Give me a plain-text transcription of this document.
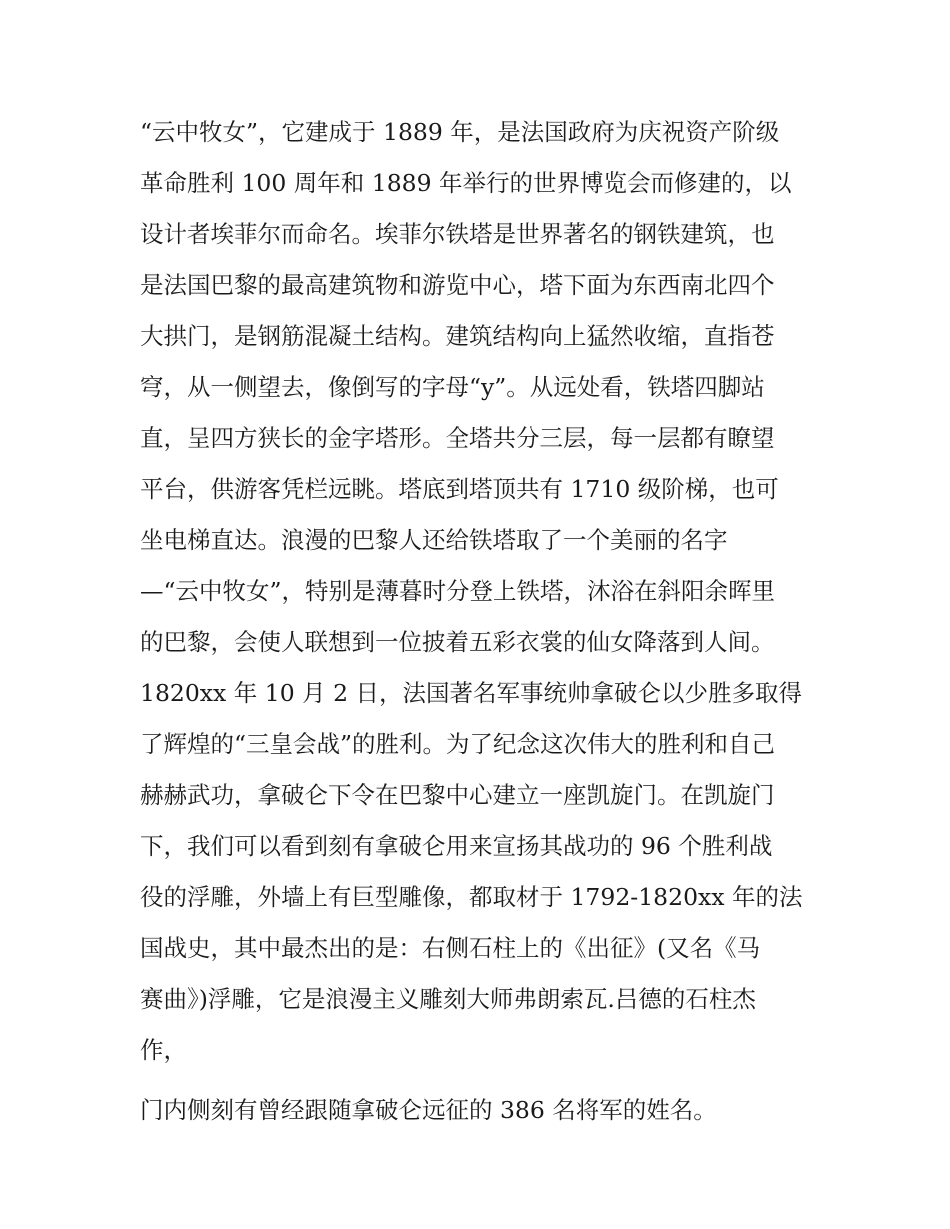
“云中牧女”，它建成于 1889 年，是法国政府为庆祝资产阶级
革命胜利 100 周年和 1889 年举行的世界博览会而修建的，以
设计者埃菲尔而命名。埃菲尔铁塔是世界著名的钢铁建筑，也
是法国巴黎的最高建筑物和游览中心，塔下面为东西南北四个
大拱门，是钢筋混凝土结构。建筑结构向上猛然收缩，直指苍
穹，从一侧望去，像倒写的字母“y”。从远处看，铁塔四脚站
直，呈四方狭长的金字塔形。全塔共分三层，每一层都有瞭望
平台，供游客凭栏远眺。塔底到塔顶共有 1710 级阶梯，也可
坐电梯直达。浪漫的巴黎人还给铁塔取了一个美丽的名字
—“云中牧女”，特别是薄暮时分登上铁塔，沐浴在斜阳余晖里
的巴黎，会使人联想到一位披着五彩衣裳的仙女降落到人间。
1820xx 年 10 月 2 日，法国著名军事统帅拿破仑以少胜多取得
了辉煌的“三皇会战”的胜利。为了纪念这次伟大的胜利和自己
赫赫武功，拿破仑下令在巴黎中心建立一座凯旋门。在凯旋门
下，我们可以看到刻有拿破仑用来宣扬其战功的 96 个胜利战
役的浮雕，外墙上有巨型雕像，都取材于 1792-1820xx 年的法
国战史，其中最杰出的是：右侧石柱上的《出征》(又名《马
赛曲》)浮雕，它是浪漫主义雕刻大师弗朗索瓦.吕德的石柱杰
作，
门内侧刻有曾经跟随拿破仑远征的 386 名将军的姓名。
